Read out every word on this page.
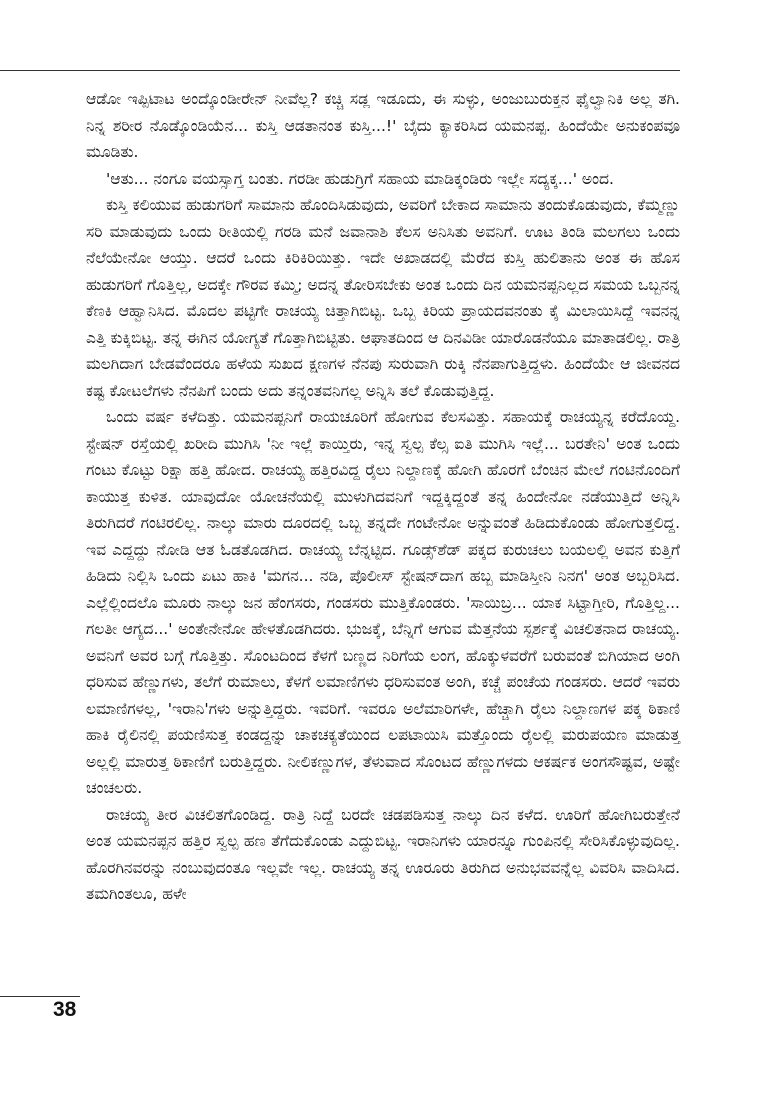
ಆಡೋ ಇಪ್ಪಿಟಾಟ ಅಂದ್ಕೊಂಡೀರೇನ್ ನೀವೆಲ್ಲ? ಕಚ್ಚಿ ಸಡ್ಲ ಇಡೂದು, ಈ ಸುಳ್ಳು, ಅಂಜುಬುರುಕ್ತನ ಫೈಲ್ವಾನಿಕಿ ಅಲ್ಲ ತಗಿ. ನಿನ್ನ ಶರೀರ ನೊಡ್ಕೊಂಡಿಯೆನ... ಕುಸ್ತಿ ಆಡತಾನಂತ ಕುಸ್ತಿ...!' ಬೈದು ಕ್ಯಾಕರಿಸಿದ ಯಮನಪ್ಪ. ಹಿಂದೆಯೇ ಅನುಕಂಪವೂ ಮೂಡಿತು.

'ಆತು... ನಂಗೂ ವಯಸ್ಸಾಗ್ತ ಬಂತು. ಗರಡೀ ಹುಡುಗ್ರಿಗೆ ಸಹಾಯ ಮಾಡಿಕ್ಕಂಡಿರು ಇಲ್ಲೇ ಸದ್ಯಕ್ಕ...' ಅಂದ.

ಕುಸ್ತಿ ಕಲಿಯುವ ಹುಡುಗರಿಗೆ ಸಾಮಾನು ಹೊಂದಿಸಿಡುವುದು, ಅವರಿಗೆ ಬೇಕಾದ ಸಾಮಾನು ತಂದುಕೊಡುವುದು, ಕೆಮ್ಮಣ್ಣು ಸರಿ ಮಾಡುವುದು ಒಂದು ರೀತಿಯಲ್ಲಿ ಗರಡಿ ಮನೆ ಜವಾನಾಶಿ ಕೆಲಸ ಅನಿಸಿತು ಅವನಿಗೆ. ಊಟ ತಿಂಡಿ ಮಲಗಲು ಒಂದು ನೆಲೆಯೇನೋ ಆಯ್ತು. ಆದರೆ ಒಂದು ಕಿರಿಕಿರಿಯಿತ್ತು. ಇದೇ ಅಖಾಡದಲ್ಲಿ ಮೆರೆದ ಕುಸ್ತಿ ಹುಲಿತಾನು ಅಂತ ಈ ಹೊಸ ಹುಡುಗರಿಗೆ ಗೊತ್ತಿಲ್ಲ, ಅದಕ್ಕೇ ಗೌರವ ಕಮ್ಮಿ; ಅದನ್ನ ತೋರಿಸಬೇಕು ಅಂತ ಒಂದು ದಿನ ಯಮನಪ್ಪನಿಲ್ಲದ ಸಮಯ ಒಬ್ಬನನ್ನ ಕೆಣಕಿ ಆಹ್ವಾನಿಸಿದ. ಮೊದಲ ಪಟ್ಟಿಗೇ ರಾಚಯ್ಯ ಚಿತ್ತಾಗಿಬಿಟ್ಟ. ಒಬ್ಬ ಕಿರಿಯ ಪ್ರಾಯದವನಂತು ಕೈ ಮಿಲಾಯಿಸಿದ್ದೆ ಇವನನ್ನ ಎತ್ತಿ ಕುಕ್ಕಿಬಿಟ್ಟ. ತನ್ನ ಈಗಿನ ಯೋಗ್ಯತೆ ಗೊತ್ತಾಗಿಬಿಟ್ಟಿತು. ಆಘಾತದಿಂದ ಆ ದಿನವಿಡೀ ಯಾರೊಡನೆಯೂ ಮಾತಾಡಲಿಲ್ಲ. ರಾತ್ರಿ ಮಲಗಿದಾಗ ಬೇಡವೆಂದರೂ ಹಳೆಯ ಸುಖದ ಕ್ಷಣಗಳ ನೆನಪು ಸುರುವಾಗಿ ರುಕ್ಕಿ ನೆನಪಾಗುತ್ತಿದ್ದಳು. ಹಿಂದೆಯೇ ಆ ಜೀವನದ ಕಷ್ಟ ಕೋಟಲೆಗಳು ನೆನಪಿಗೆ ಬಂದು ಅದು ತನ್ನಂತವನಿಗಲ್ಲ ಅನ್ನಿಸಿ ತಲೆ ಕೊಡುವುತ್ತಿದ್ದ.

ಒಂದು ವರ್ಷ ಕಳೆದಿತ್ತು. ಯಮನಪ್ಪನಿಗೆ ರಾಯಚೂರಿಗೆ ಹೋಗುವ ಕೆಲಸವಿತ್ತು. ಸಹಾಯಕ್ಕೆ ರಾಚಯ್ಯನ್ನ ಕರೆದೊಯ್ದ. ಸ್ಟೇಷನ್ ರಸ್ತೆಯಲ್ಲಿ ಖರೀದಿ ಮುಗಿಸಿ 'ನೀ ಇಲ್ಲೆ ಕಾಯ್ತಿರು, ಇನ್ನ ಸ್ವಲ್ಪ ಕೆಲ್ಸ ಐತಿ ಮುಗಿಸಿ ಇಲ್ಲೆ... ಬರತೇನಿ' ಅಂತ ಒಂದು ಗಂಟು ಕೊಟ್ಟು ರಿಕ್ಷಾ ಹತ್ತಿ ಹೋದ. ರಾಚಯ್ಯ ಹತ್ತಿರವಿದ್ದ ರೈಲು ನಿಲ್ದಾಣಕ್ಕೆ ಹೋಗಿ ಹೊರಗೆ ಬೆಂಚಿನ ಮೇಲೆ ಗಂಟಿನೊಂದಿಗೆ ಕಾಯುತ್ತ ಕುಳಿತ. ಯಾವುದೋ ಯೋಚನೆಯಲ್ಲಿ ಮುಳುಗಿದವನಿಗೆ ಇದ್ದಕ್ಕಿದ್ದಂತೆ ತನ್ನ ಹಿಂದೇನೋ ನಡೆಯುತ್ತಿದೆ ಅನ್ನಿಸಿ ತಿರುಗಿದರೆ ಗಂಟಿರಲಿಲ್ಲ. ನಾಲ್ಕು ಮಾರು ದೂರದಲ್ಲಿ ಒಬ್ಬ ತನ್ನದೇ ಗಂಟೇನೋ ಅನ್ನುವಂತೆ ಹಿಡಿದುಕೊಂಡು ಹೋಗುತ್ತಲಿದ್ದ. ಇವ ಎದ್ದದ್ದು ನೋಡಿ ಆತ ಓಡತೊಡಗಿದ. ರಾಚಯ್ಯ ಬೆನ್ನಟ್ಟಿದ. ಗೂಡ್ಸ್‌ಶೆಡ್ ಪಕ್ಕದ ಕುರುಚಲು ಬಯಲಲ್ಲಿ ಅವನ ಕುತ್ತಿಗೆ ಹಿಡಿದು ನಿಲ್ಲಿಸಿ ಒಂದು ಏಟು ಹಾಕಿ 'ಮಗನ... ನಡಿ, ಪೊಲೀಸ್ ಸ್ಟೇಷನ್‌ದಾಗ ಹಬ್ಬ ಮಾಡಿಸ್ತೀನಿ ನಿನಗ' ಅಂತ ಅಬ್ಬರಿಸಿದ. ಎಲ್ಲೆಲ್ಲಿಂದಲೊ ಮೂರು ನಾಲ್ಕು ಜನ ಹೆಂಗಸರು, ಗಂಡಸರು ಮುತ್ತಿಕೊಂಡರು. 'ಸಾಯಿಬ್ರ... ಯಾಕ ಸಿಟ್ಟಾಗ್ತೀರಿ, ಗೊತ್ತಿಲ್ದ... ಗಲತೀ ಆಗ್ಯದ...' ಅಂತೇನೇನೋ ಹೇಳತೊಡಗಿದರು. ಭುಜಕ್ಕೆ, ಬೆನ್ನಿಗೆ ಆಗುವ ಮೆತ್ತನೆಯ ಸ್ಪರ್ಶಕ್ಕೆ ವಿಚಲಿತನಾದ ರಾಚಯ್ಯ. ಅವನಿಗೆ ಅವರ ಬಗ್ಗೆ ಗೊತ್ತಿತ್ತು. ಸೊಂಟದಿಂದ ಕೆಳಗೆ ಬಣ್ಣದ ನಿರಿಗೆಯ ಲಂಗ, ಹೊಕ್ಕುಳವರೆಗೆ ಬರುವಂತೆ ಬಿಗಿಯಾದ ಅಂಗಿ ಧರಿಸುವ ಹೆಣ್ಣುಗಳು, ತಲೆಗೆ ರುಮಾಲು, ಕೆಳಗೆ ಲಮಾಣಿಗಳು ಧರಿಸುವಂತ ಅಂಗಿ, ಕಚ್ಚೆ ಪಂಚೆಯ ಗಂಡಸರು. ಆದರೆ ಇವರು ಲಮಾಣಿಗಳಲ್ಲ, 'ಇರಾನಿ'ಗಳು ಅನ್ನುತ್ತಿದ್ದರು. ಇವರಿಗೆ. ಇವರೂ ಅಲೆಮಾರಿಗಳೇ, ಹೆಚ್ಚಾಗಿ ರೈಲು ನಿಲ್ದಾಣಗಳ ಪಕ್ಕ ಠಿಕಾಣಿ ಹಾಕಿ ರೈಲಿನಲ್ಲಿ ಪಯಣಿಸುತ್ತ ಕಂಡದ್ದನ್ನು ಚಾಕಚಕ್ಯತೆಯಿಂದ ಲಪಟಾಯಿಸಿ ಮತ್ತೊಂದು ರೈಲಲ್ಲಿ ಮರುಪಯಣ ಮಾಡುತ್ತ ಅಲ್ಲಲ್ಲಿ ಮಾರುತ್ತ ಠಿಕಾಣಿಗೆ ಬರುತ್ತಿದ್ದರು. ನೀಲಿಕಣ್ಣುಗಳ, ತೆಳುವಾದ ಸೊಂಟದ ಹೆಣ್ಣುಗಳದು ಆಕರ್ಷಕ ಅಂಗಸೌಷ್ಟವ, ಅಷ್ಟೇ ಚಂಚಲರು.

ರಾಚಯ್ಯ ತೀರ ವಿಚಲಿತಗೊಂಡಿದ್ದ. ರಾತ್ರಿ ನಿದ್ದೆ ಬರದೇ ಚಡಪಡಿಸುತ್ತ ನಾಲ್ಕು ದಿನ ಕಳೆದ. ಊರಿಗೆ ಹೋಗಿಬರುತ್ತೇನೆ ಅಂತ ಯಮನಪ್ಪನ ಹತ್ತಿರ ಸ್ವಲ್ಪ ಹಣ ತೆಗೆದುಕೊಂಡು ಎದ್ದುಬಿಟ್ಟ. ಇರಾನಿಗಳು ಯಾರನ್ನೂ ಗುಂಪಿನಲ್ಲಿ ಸೇರಿಸಿಕೊಳ್ಳುವುದಿಲ್ಲ. ಹೊರಗಿನವರನ್ನು ನಂಬುವುದಂತೂ ಇಲ್ಲವೇ ಇಲ್ಲ. ರಾಚಯ್ಯ ತನ್ನ ಊರೂರು ತಿರುಗಿದ ಅನುಭವವನ್ನೆಲ್ಲ ವಿವರಿಸಿ ವಾದಿಸಿದ. ತಮಗಿಂತಲೂ, ಹಳೇ

38
